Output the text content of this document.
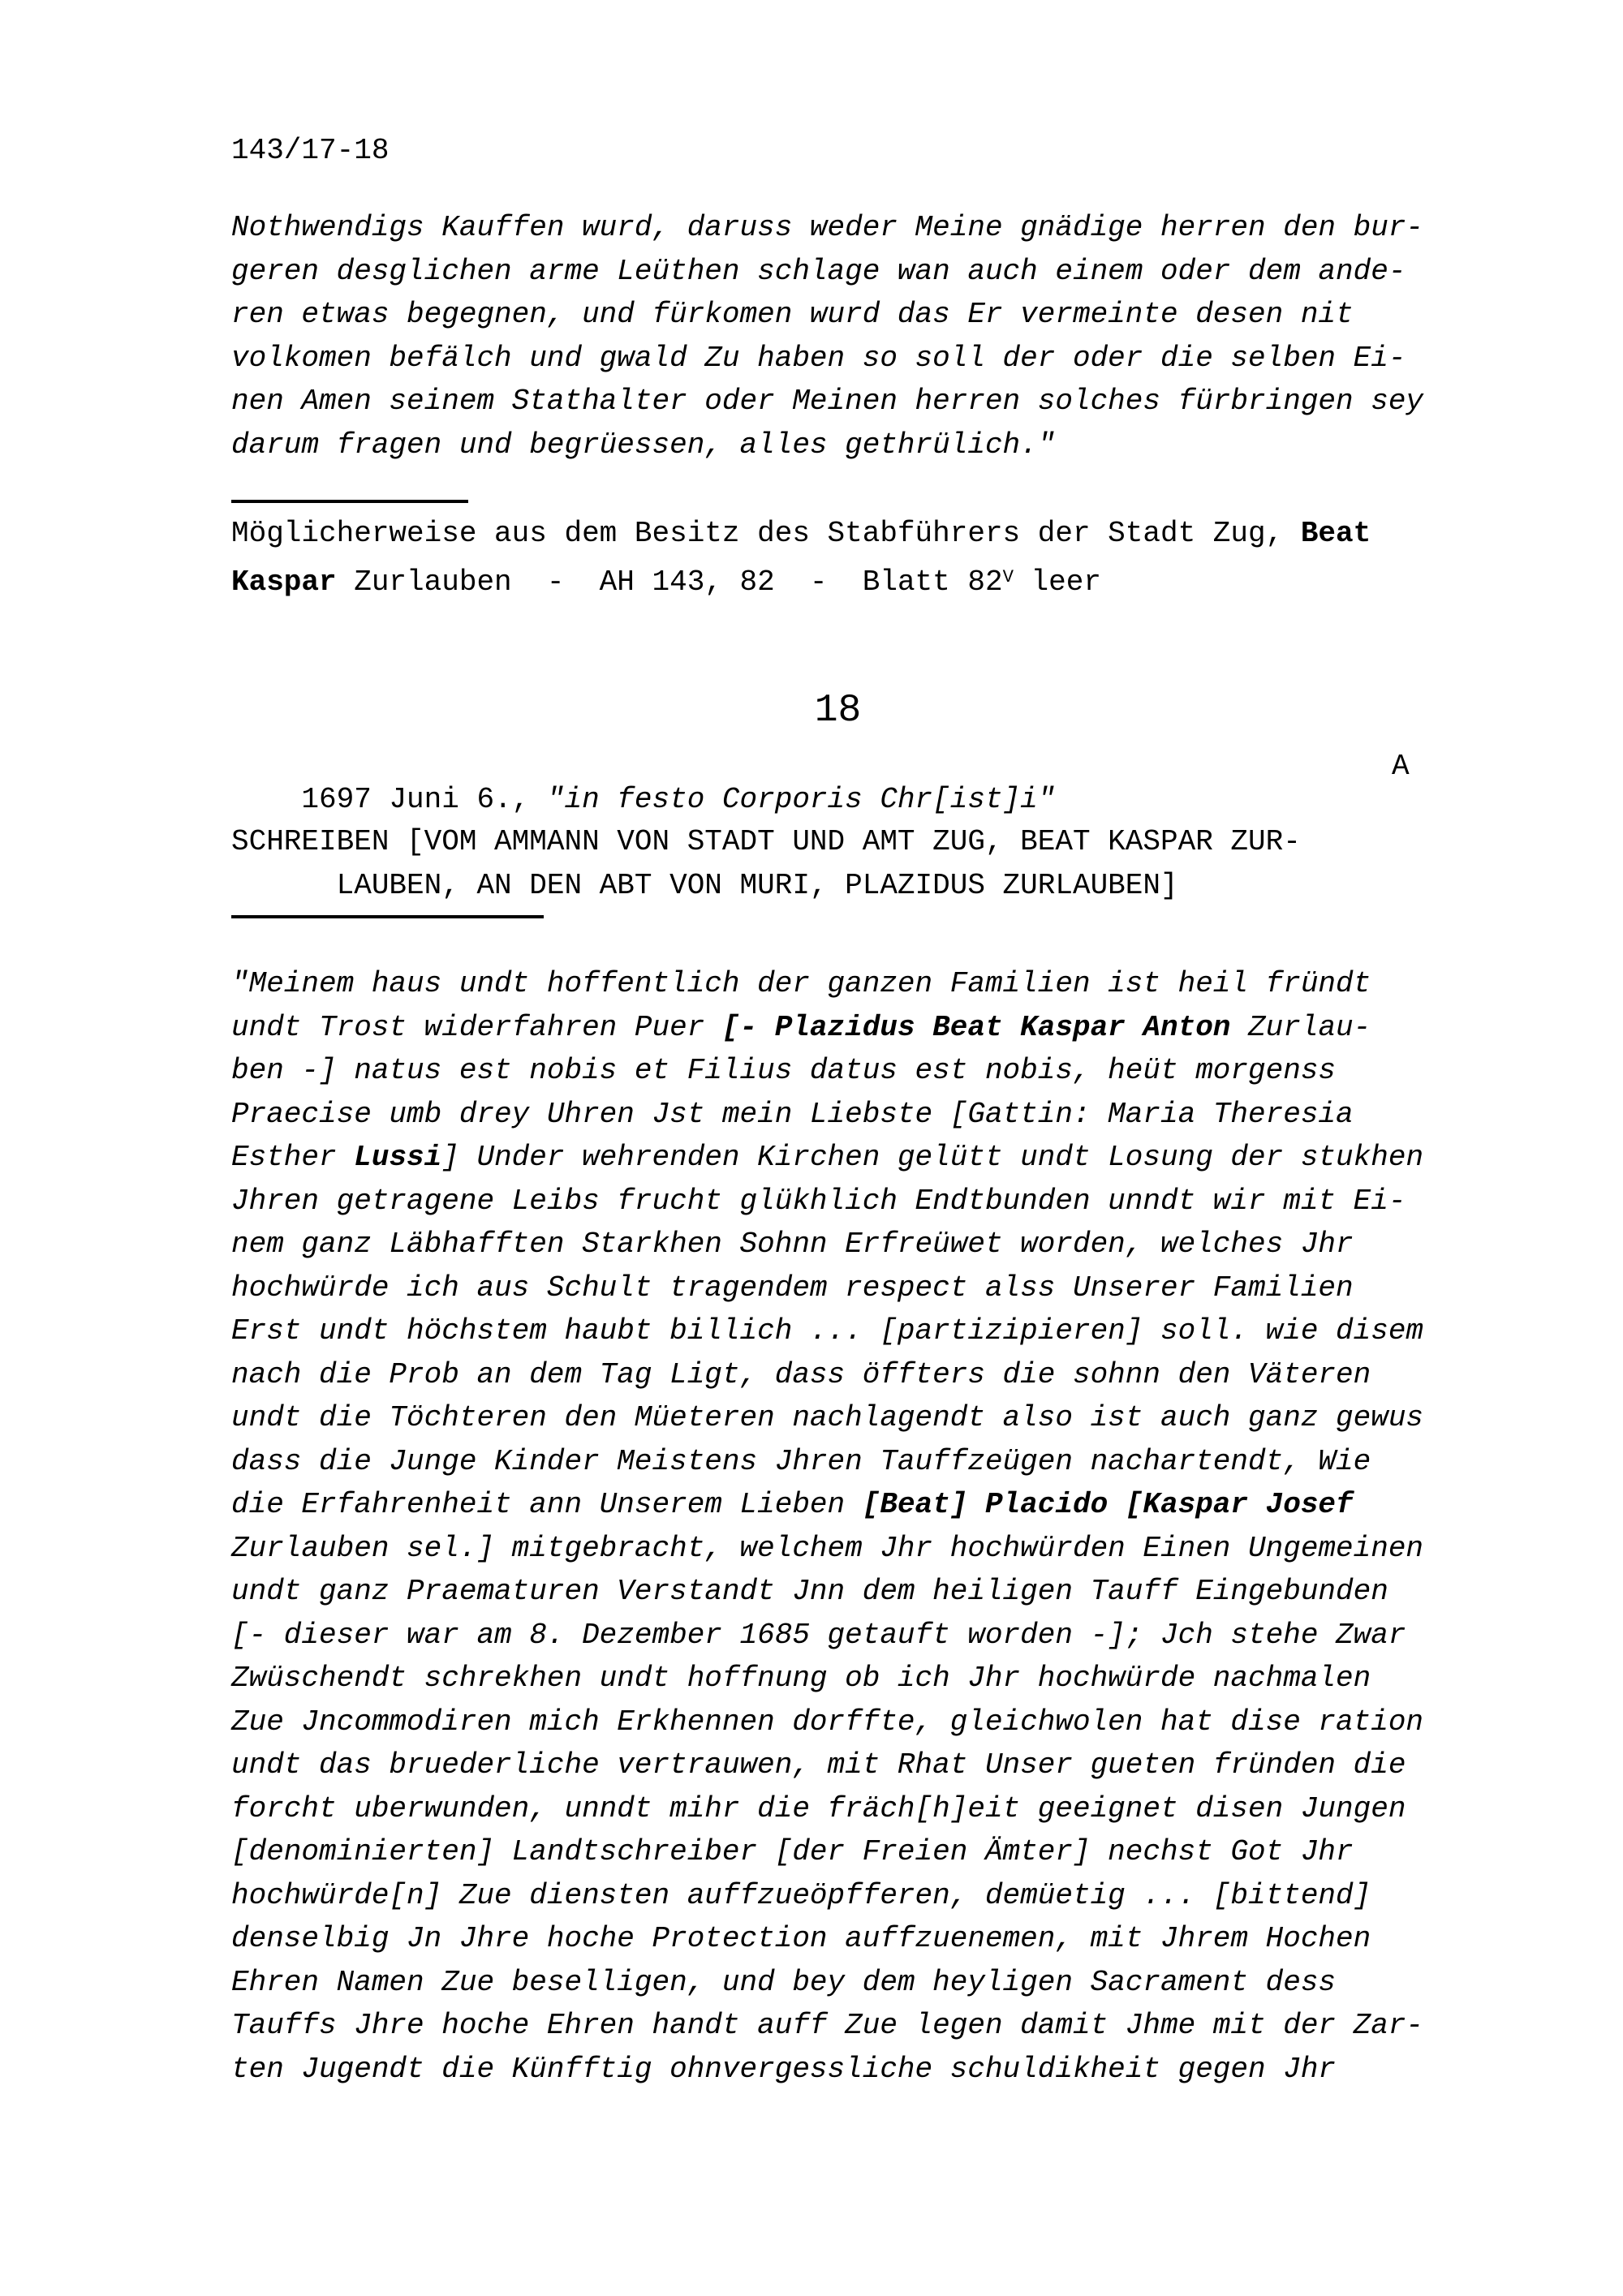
143/17-18
Nothwendigs Kauffen wurd, daruss weder Meine gnädige herren den bur-
geren desglichen arme Leüthen schlage wan auch einem oder dem ande-
ren etwas begegnen, und fürkomen wurd das Er vermeinte desen nit
volkomen befälch und gwald Zu haben so soll der oder die selben Ei-
nen Amen seinem Stathalter oder Meinen herren solches fürbringen sey
darum fragen und begrüessen, alles gethrülich."
Möglicherweise aus dem Besitz des Stabführers der Stadt Zug, Beat
Kaspar Zurlauben  -  AH 143, 82  -  Blatt $82^V$ leer
18

1697 Juni 6., "in festo Corporis Chr[ist]i"

A

SCHREIBEN [VOM AMMANN VON STADT UND AMT ZUG, BEAT KASPAR ZUR-
LAUBEN, AN DEN ABT VON MURI, PLAZIDUS ZURLAUBEN]
"Meinem haus undt hoffentlich der ganzen Familien ist heil fründt
undt Trost widerfahren Puer [- Plazidus Beat Kaspar Anton Zurlau-
ben -] natus est nobis et Filius datus est nobis, heüt morgenss
Praecise umb drey Uhren Jst mein Liebste [Gattin: Maria Theresia
Esther Lussi] Under wehrenden Kirchen gelütt undt Losung der stukhen
Jhren getragene Leibs frucht glükhlich Endtbunden unndt wir mit Ei-
nem ganz Läbhafften Starkhen Sohnn Erfreüwet worden, welches Jhr
hochwürde ich aus Schult tragendem respect alss Unserer Familien
Erst undt höchstem haubt billich ... [partizipieren] soll. wie disem
nach die Prob an dem Tag Ligt, dass öffters die sohnn den Väteren
undt die Töchteren den Müeteren nachlagendt also ist auch ganz gewus
dass die Junge Kinder Meistens Jhren Tauffzeügen nachartendt, Wie
die Erfahrenheit ann Unserem Lieben [Beat] Placido [Kaspar Josef
Zurlauben sel.] mitgebracht, welchem Jhr hochwürden Einen Ungemeinen
undt ganz Praematuren Verstandt Jnn dem heiligen Tauff Eingebunden
[- dieser war am 8. Dezember 1685 getauft worden -]; Jch stehe Zwar
Zwüschendt schrekhen undt hoffnung ob ich Jhr hochwürde nachmalen
Zue Jncommodiren mich Erkhennen dorffte, gleichwolen hat dise ration
undt das bruederliche vertrauwen, mit Rhat Unser gueten fründen die
forcht uberwunden, unndt mihr die fräch[h]eit geeignet disen Jungen
[denominierten] Landtschreiber [der Freien Ämter] nechst Got Jhr
hochwürde[n] Zue diensten auffzueöpfferen, demüetig ... [bittend]
denselbig Jn Jhre hoche Protection auffzuenemen, mit Jhrem Hochen
Ehren Namen Zue beselligen, und bey dem heyligen Sacrament dess
Tauffs Jhre hoche Ehren handt auff Zue legen damit Jhme mit der Zar-
ten Jugendt die Künfftig ohnvergessliche schuldikheit gegen Jhr
